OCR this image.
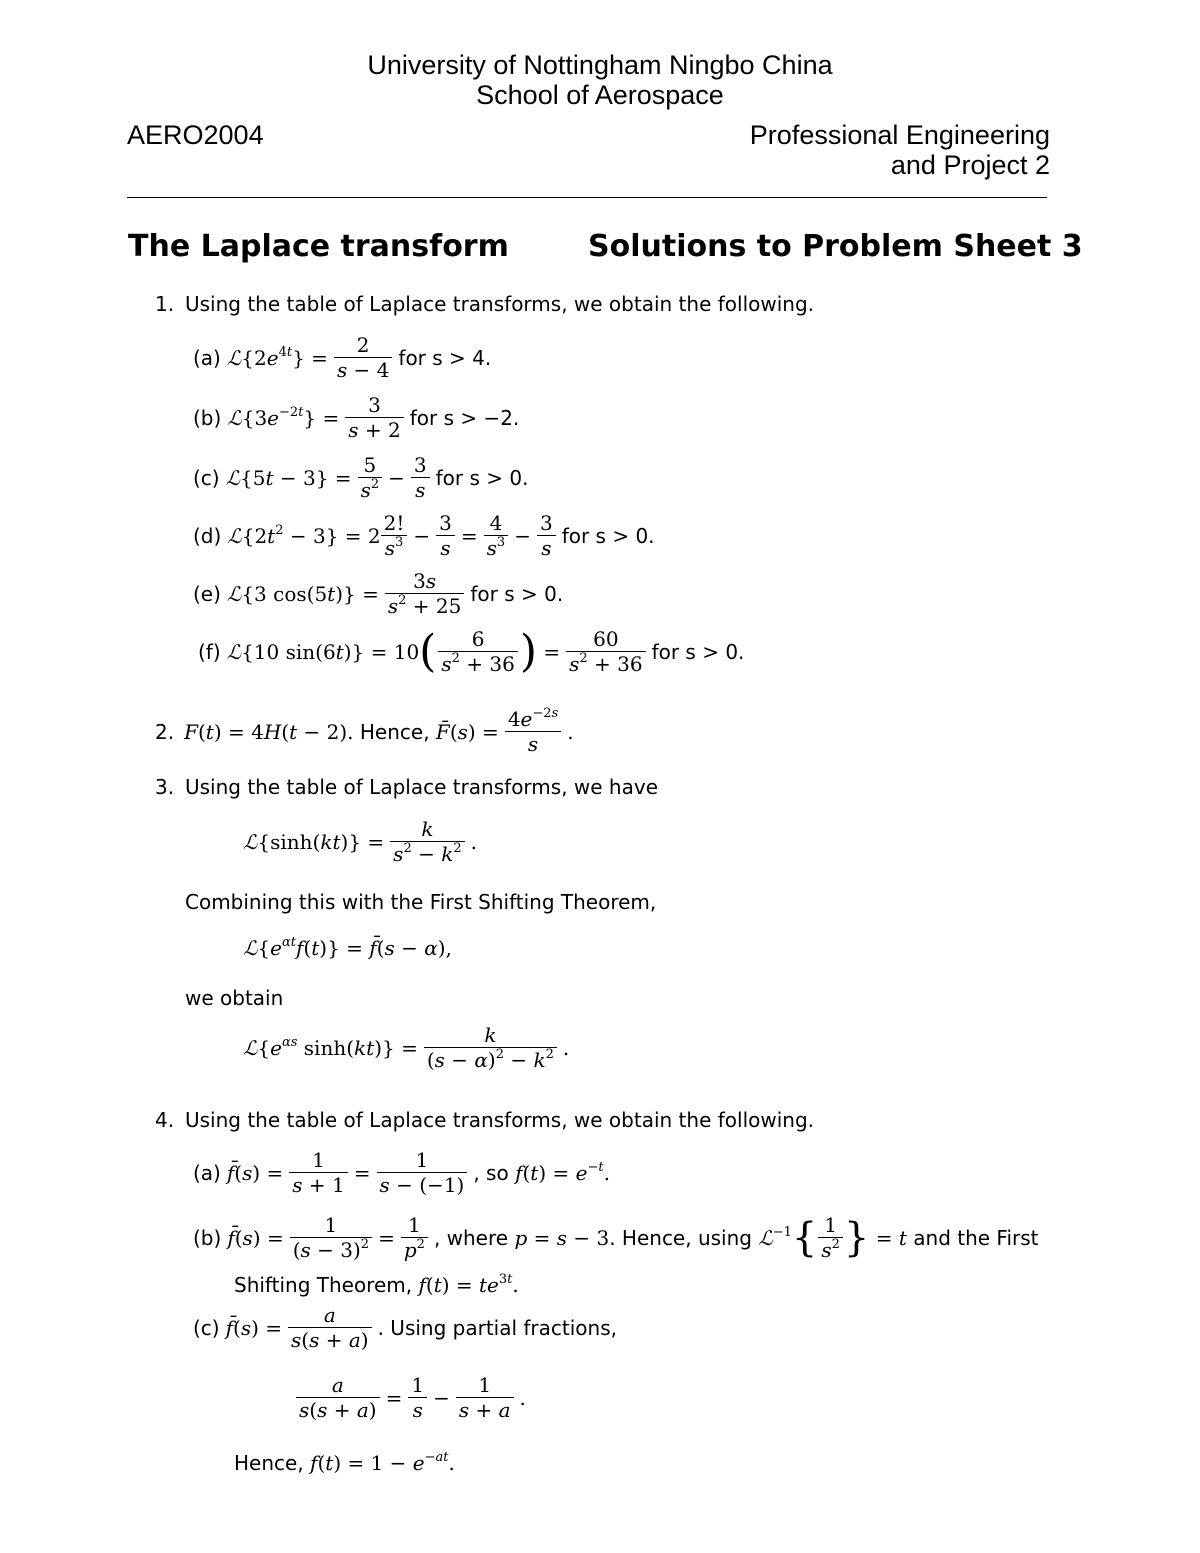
University of Nottingham Ningbo China
School of Aerospace
AERO2004	Professional Engineering
and Project 2
The Laplace transform	Solutions to Problem Sheet 3
1. Using the table of Laplace transforms, we obtain the following.
(a) $ℒ\{2e^{4t}\} = \frac{2}{s - 4}$ for s > 4.
(b) $ℒ\{3e^{-2t}\} = \frac{3}{s + 2}$ for s > −2.
(c) ℒ{5t − $3\} = \frac{5}{s^2} - \frac{3}{s}$ for s > 0.
(d) $ℒ\{2t^2 - 3\} = 2 \frac{2!}{s^3} - \frac{3}{s} = \frac{4}{s^3} - \frac{3}{s}$ for s > 0.
(e) ℒ{3 $\cos(5t)\} = \frac{3s}{s^2 + 25}$ for s > 0.
(f) ℒ{10 sin(6t)} = 10 ( $\frac{6}{s^2 + 36}$ ) = $\frac{60}{s^2 + 36}$ for s > 0.
2. F(t) = 4H(t − 2).
Hence,
F̄(s) = $\frac{4e^{-2s}}{s}$ .
3. Using the table of Laplace transforms, we have
ℒ{sinh(kt)} = $\frac{k}{s^2 - k^2}$ .
Combining this with the First Shifting Theorem,
$ℒ\{e^{\alpha t}f(t)\}$ = f̄(s − α),
we obtain
$ℒ\{e^{\alpha s}$ $\sinh(kt)\} = \frac{k}{(s - \alpha)^2 - k^2}$ .
4. Using the table of Laplace transforms, we obtain the following.
(a) f̄(s) = $\frac{1}{s + 1} = \frac{1}{s - (-1)}$ , so
$f(t) = e^{-t}$.
(b) f̄(s) = $\frac{1}{(s - 3)^2} = \frac{1}{p^2}$ , where
p = s − 3 . Hence, using
ℒ$^{-1}$ { $\frac{1}{s^2}$ } = t and the First
Shifting Theorem, $f(t) = te^{3t}$.
(c) f̄(s) = $\frac{a}{s(s + a)}$ . Using partial fractions,
$\frac{a}{s(s + a)} = \frac{1}{s} - \frac{1}{s + a}$ .
Hence, $f(t) = 1 - e^{-at}$.
